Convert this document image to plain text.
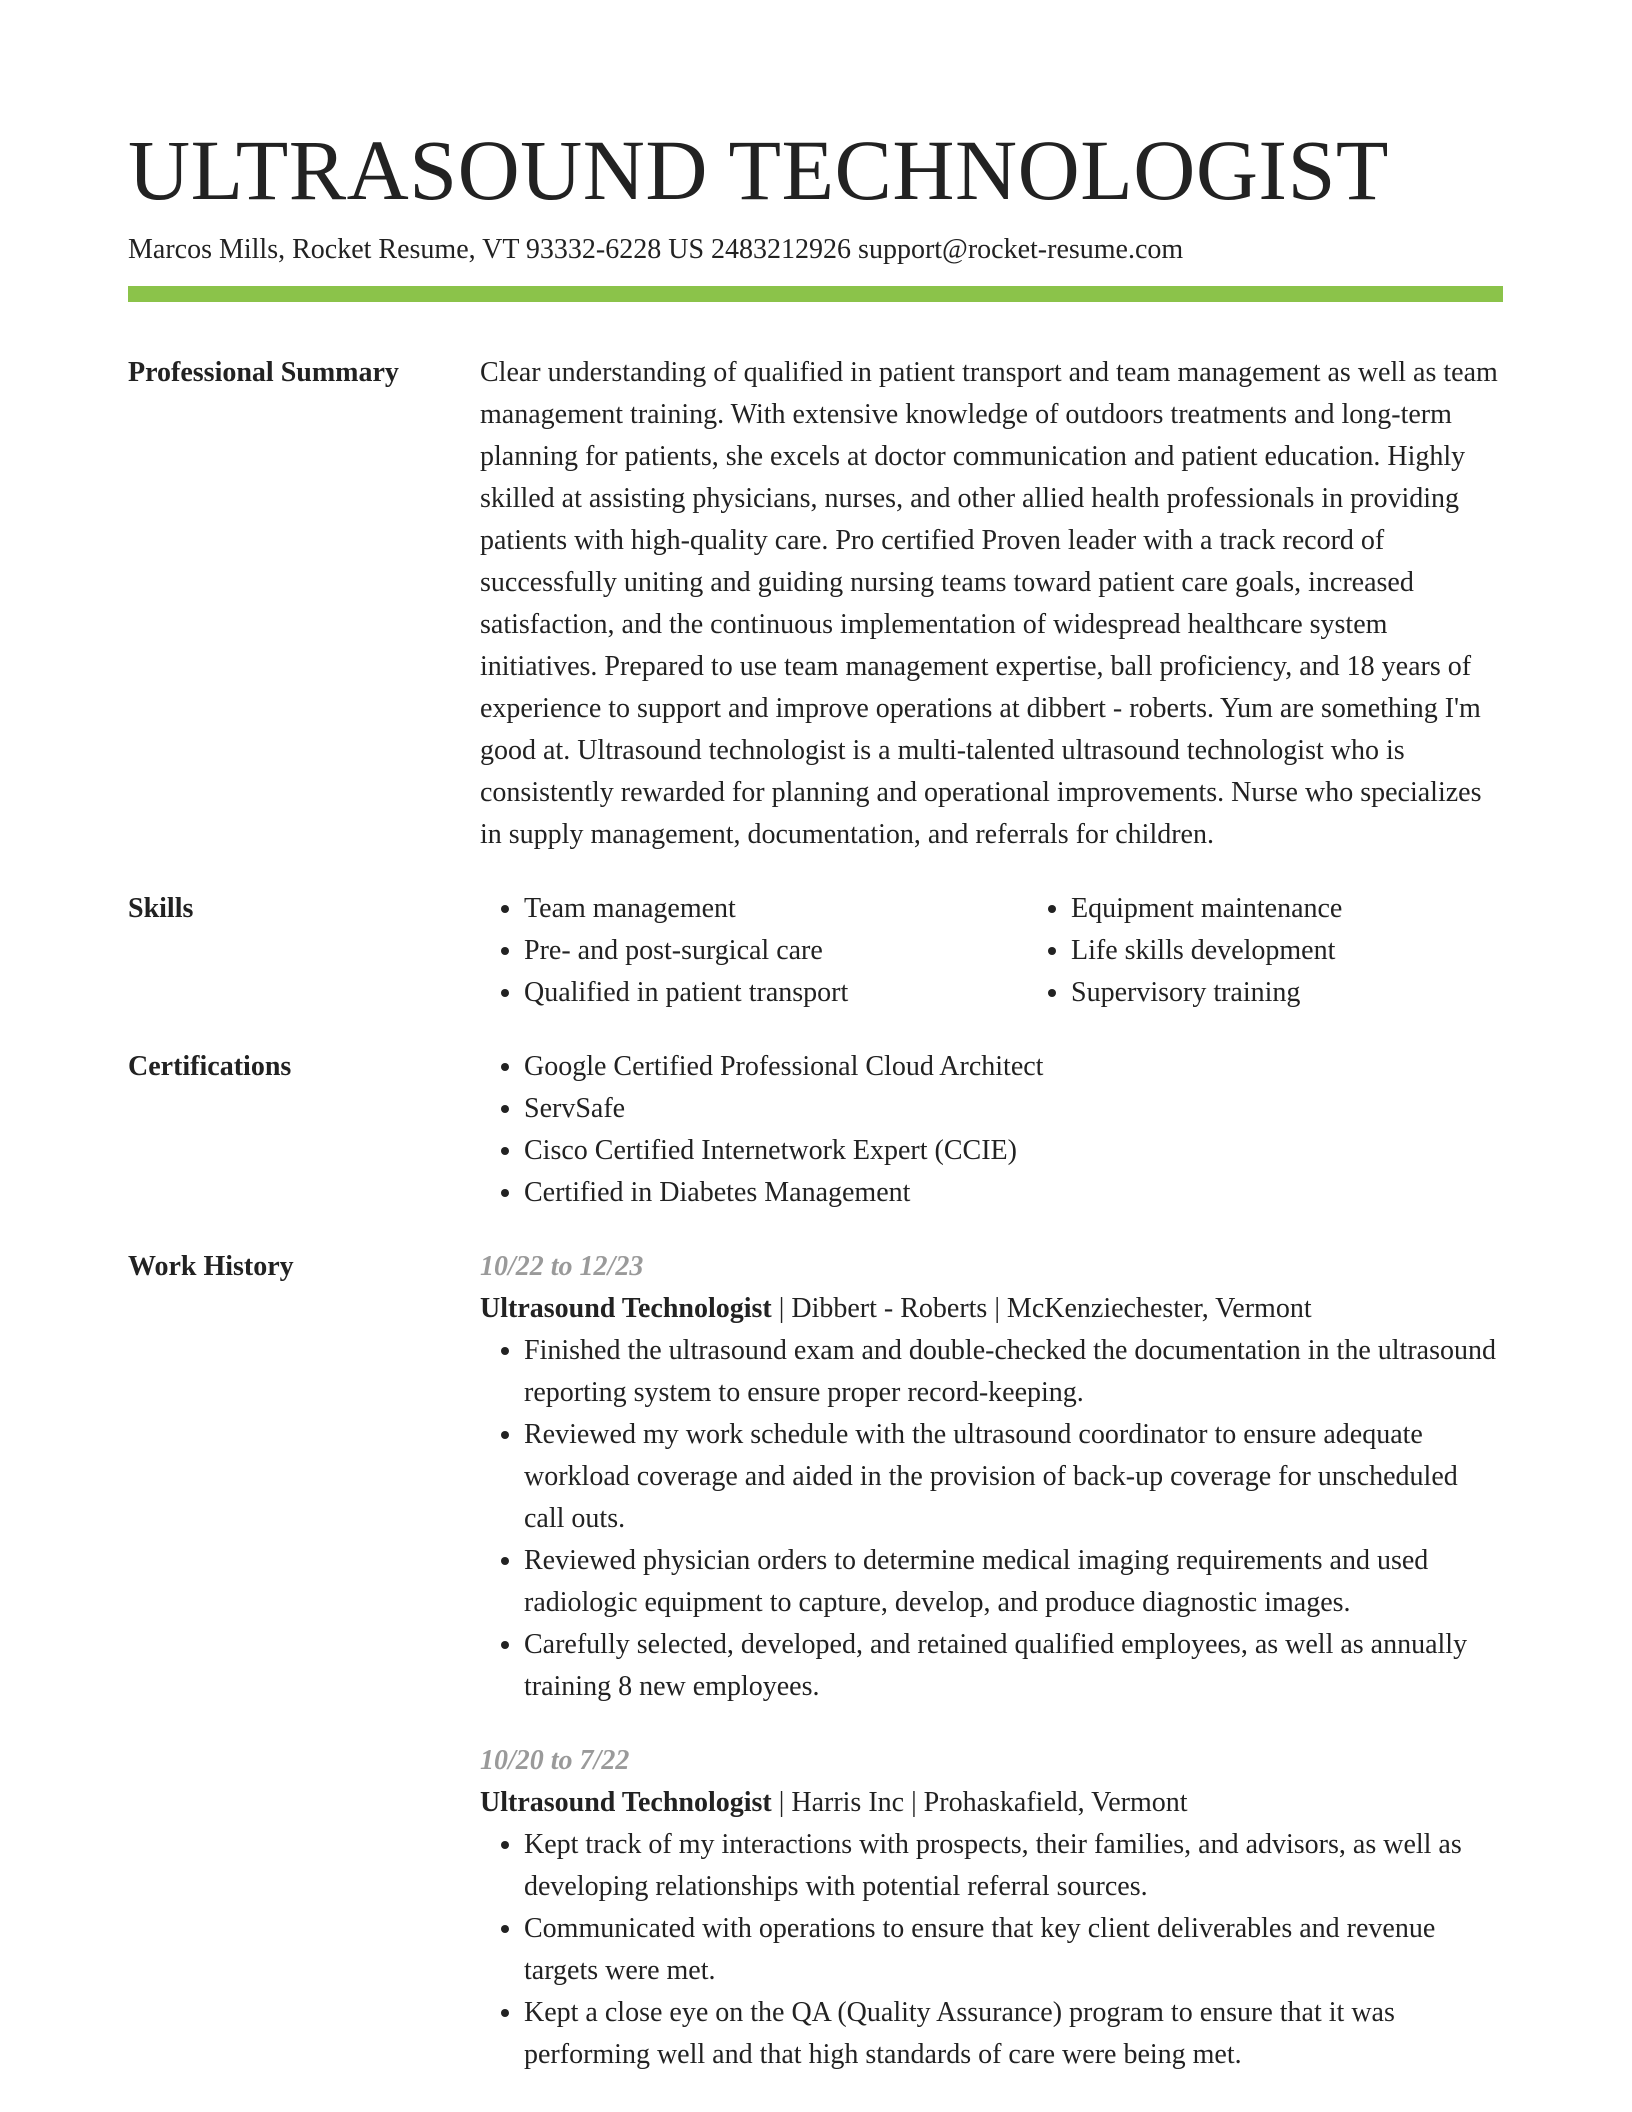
ULTRASOUND TECHNOLOGIST
Marcos Mills, Rocket Resume, VT 93332-6228 US 2483212926 support@rocket-resume.com
Professional Summary	Clear understanding of qualified in patient transport and team management as well as team management training. With extensive knowledge of outdoors treatments and long-term planning for patients, she excels at doctor communication and patient education. Highly skilled at assisting physicians, nurses, and other allied health professionals in providing patients with high-quality care. Pro certified Proven leader with a track record of successfully uniting and guiding nursing teams toward patient care goals, increased satisfaction, and the continuous implementation of widespread healthcare system initiatives. Prepared to use team management expertise, ball proficiency, and 18 years of experience to support and improve operations at dibbert - roberts. Yum are something I'm good at. Ultrasound technologist is a multi-talented ultrasound technologist who is consistently rewarded for planning and operational improvements. Nurse who specializes in supply management, documentation, and referrals for children.
Skills	• Team management
• Pre- and post-surgical care
• Qualified in patient transport
• Equipment maintenance
• Life skills development
• Supervisory training
Certifications	• Google Certified Professional Cloud Architect
• ServSafe
• Cisco Certified Internetwork Expert (CCIE)
• Certified in Diabetes Management
Work History	10/22 to 12/23
Ultrasound Technologist | Dibbert - Roberts | McKenziechester, Vermont
• Finished the ultrasound exam and double-checked the documentation in the ultrasound reporting system to ensure proper record-keeping.
• Reviewed my work schedule with the ultrasound coordinator to ensure adequate workload coverage and aided in the provision of back-up coverage for unscheduled call outs.
• Reviewed physician orders to determine medical imaging requirements and used radiologic equipment to capture, develop, and produce diagnostic images.
• Carefully selected, developed, and retained qualified employees, as well as annually training 8 new employees.
10/20 to 7/22
Ultrasound Technologist | Harris Inc | Prohaskafield, Vermont
• Kept track of my interactions with prospects, their families, and advisors, as well as developing relationships with potential referral sources.
• Communicated with operations to ensure that key client deliverables and revenue targets were met.
• Kept a close eye on the QA (Quality Assurance) program to ensure that it was performing well and that high standards of care were being met.
